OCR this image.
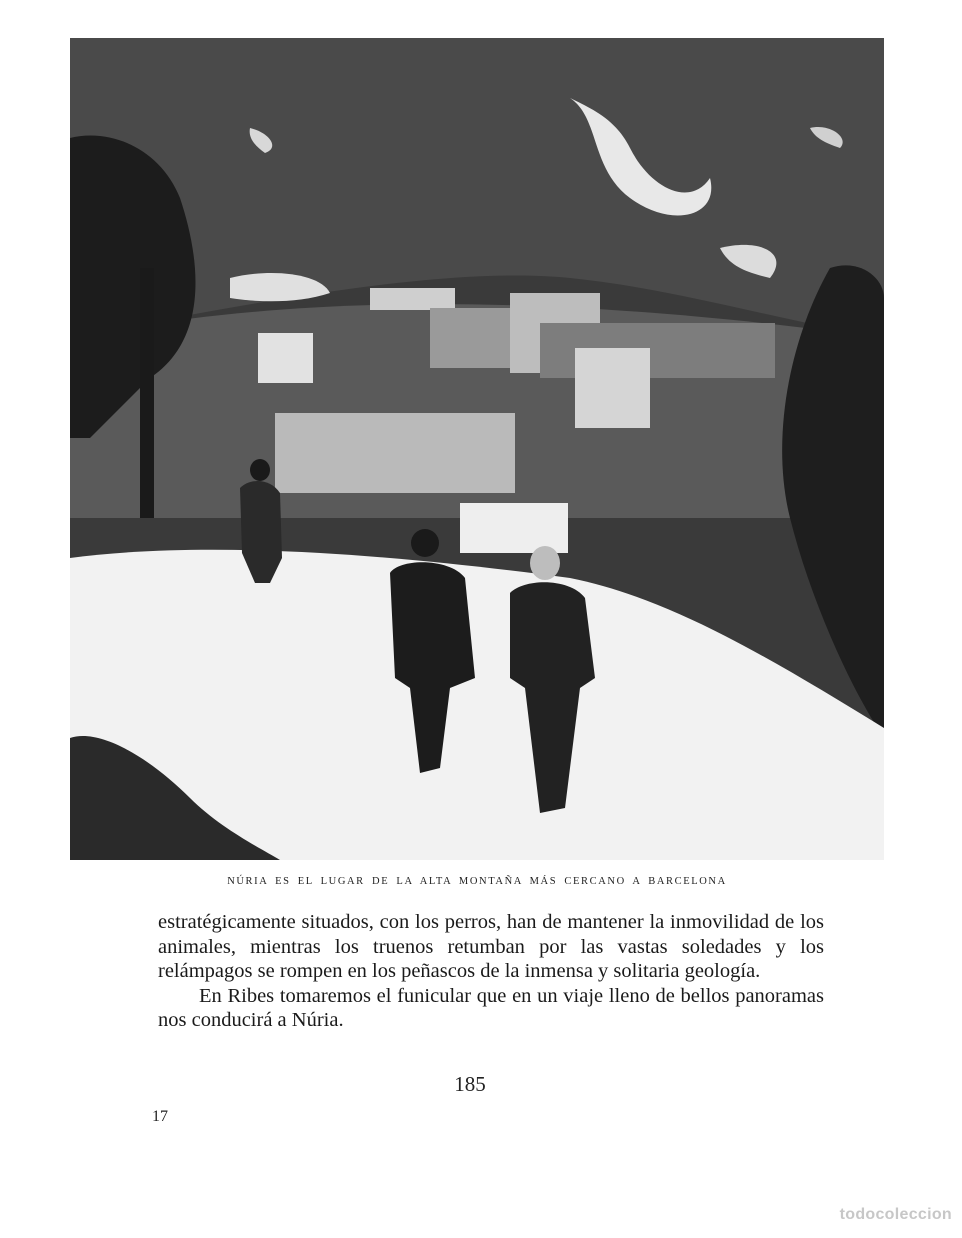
NÚRIA ES EL LUGAR DE LA ALTA MONTAÑA MÁS CERCANO A BARCELONA

estratégicamente situados, con los perros, han de mantener la inmovilidad de los animales, mientras los truenos retumban por las vastas soledades y los relámpagos se rompen en los peñascos de la inmensa y solitaria geología.

En Ribes tomaremos el funicular que en un viaje lleno de bellos panoramas nos conducirá a Núria.

185
17
todocoleccion
